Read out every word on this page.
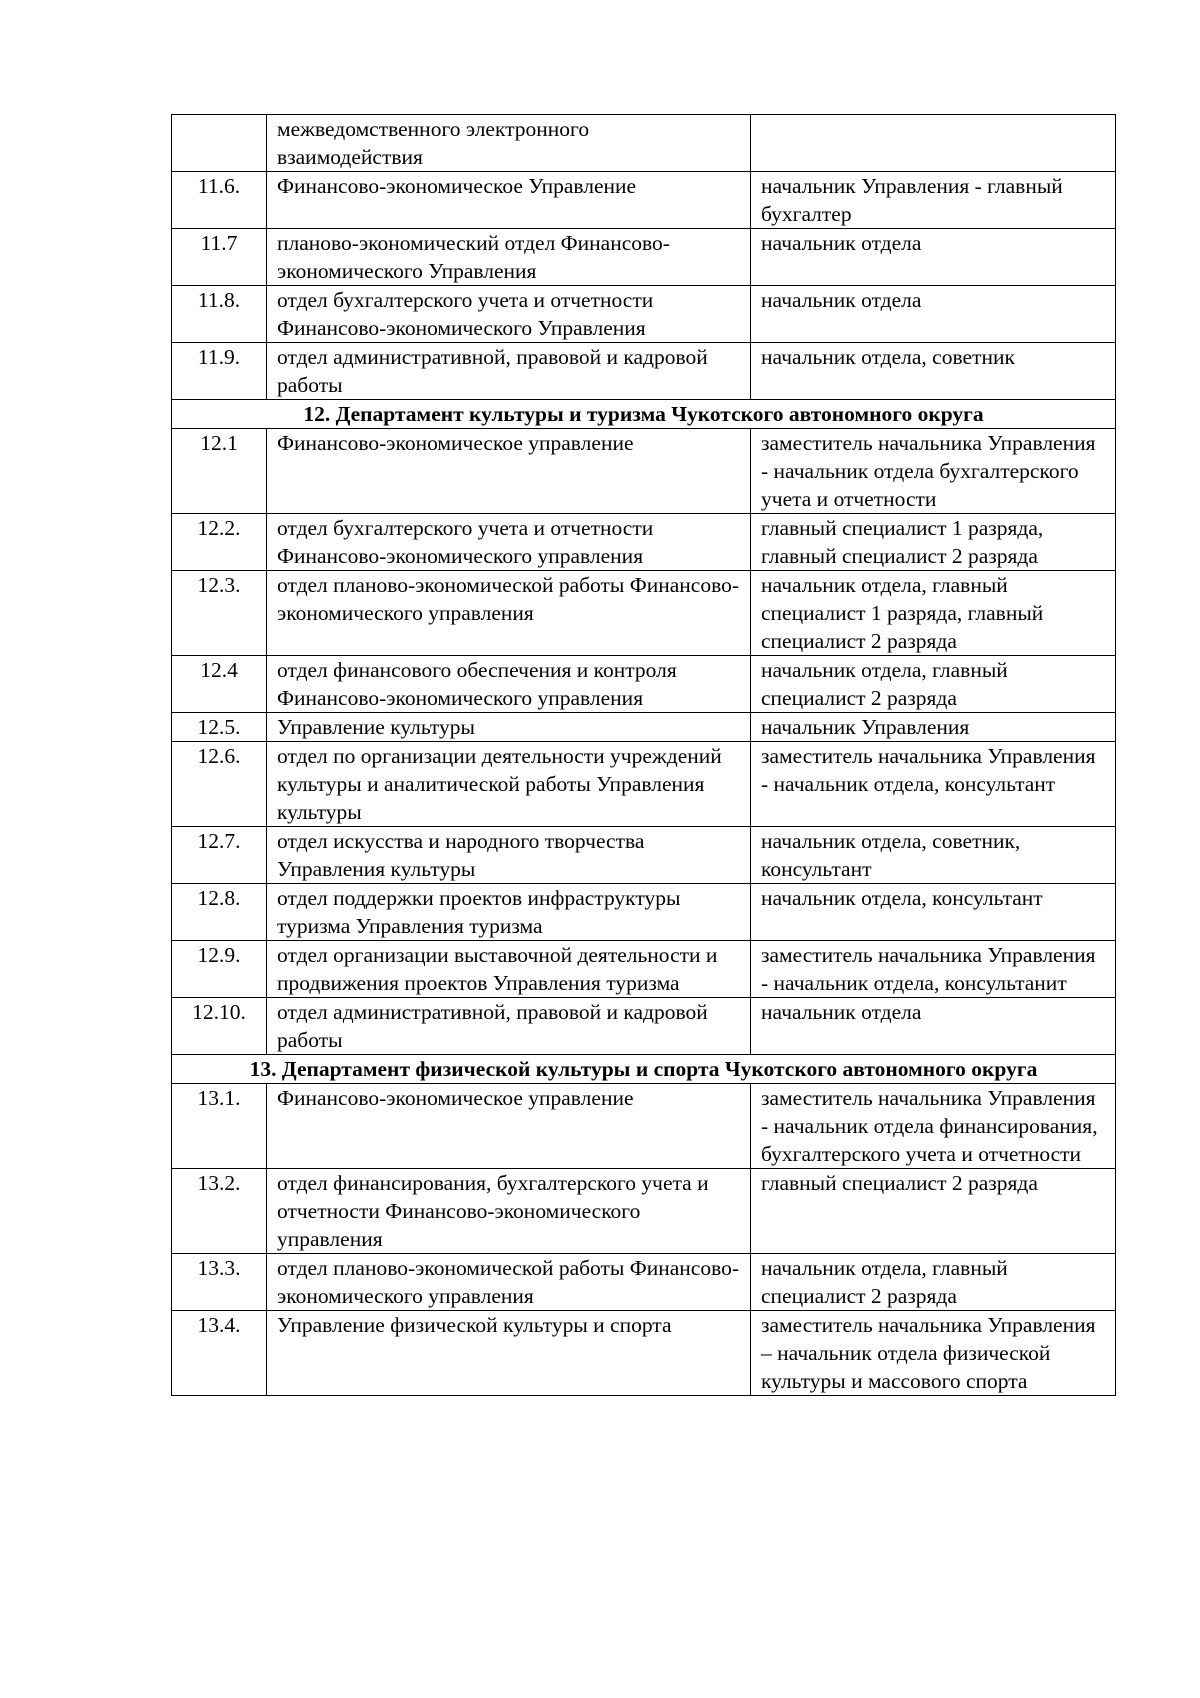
	межведомственного электронного взаимодействия	
11.6.	Финансово-экономическое Управление	начальник Управления - главный бухгалтер
11.7	планово-экономический отдел Финансово-экономического Управления	начальник отдела
11.8.	отдел бухгалтерского учета и отчетности Финансово-экономического Управления	начальник отдела
11.9.	отдел административной, правовой и кадровой работы	начальник отдела, советник
12. Департамент культуры и туризма Чукотского автономного округа		
12.1	Финансово-экономическое управление	заместитель начальника Управления - начальник отдела бухгалтерского учета и отчетности
12.2.	отдел бухгалтерского учета и отчетности Финансово-экономического управления	главный специалист 1 разряда, главный специалист 2 разряда
12.3.	отдел планово-экономической работы Финансово-экономического управления	начальник отдела, главный специалист 1 разряда, главный специалист 2 разряда
12.4	отдел финансового обеспечения и контроля Финансово-экономического управления	начальник отдела, главный специалист 2 разряда
12.5.	Управление культуры	начальник Управления
12.6.	отдел по организации деятельности учреждений культуры и аналитической работы Управления культуры	заместитель начальника Управления - начальник отдела, консультант
12.7.	отдел искусства и народного творчества Управления культуры	начальник отдела, советник, консультант
12.8.	отдел поддержки проектов инфраструктуры туризма Управления туризма	начальник отдела, консультант
12.9.	отдел организации выставочной деятельности и продвижения проектов Управления туризма	заместитель начальника Управления - начальник отдела, консультанит
12.10.	отдел административной, правовой и кадровой работы	начальник отдела
13. Департамент физической культуры и спорта Чукотского автономного округа		
13.1.	Финансово-экономическое управление	заместитель начальника Управления - начальник отдела финансирования, бухгалтерского учета и отчетности
13.2.	отдел финансирования, бухгалтерского учета и отчетности Финансово-экономического управления	главный специалист 2 разряда
13.3.	отдел планово-экономической работы Финансово-экономического управления	начальник отдела, главный специалист 2 разряда
13.4.	Управление физической культуры и спорта	заместитель начальника Управления – начальник отдела физической культуры и массового спорта
